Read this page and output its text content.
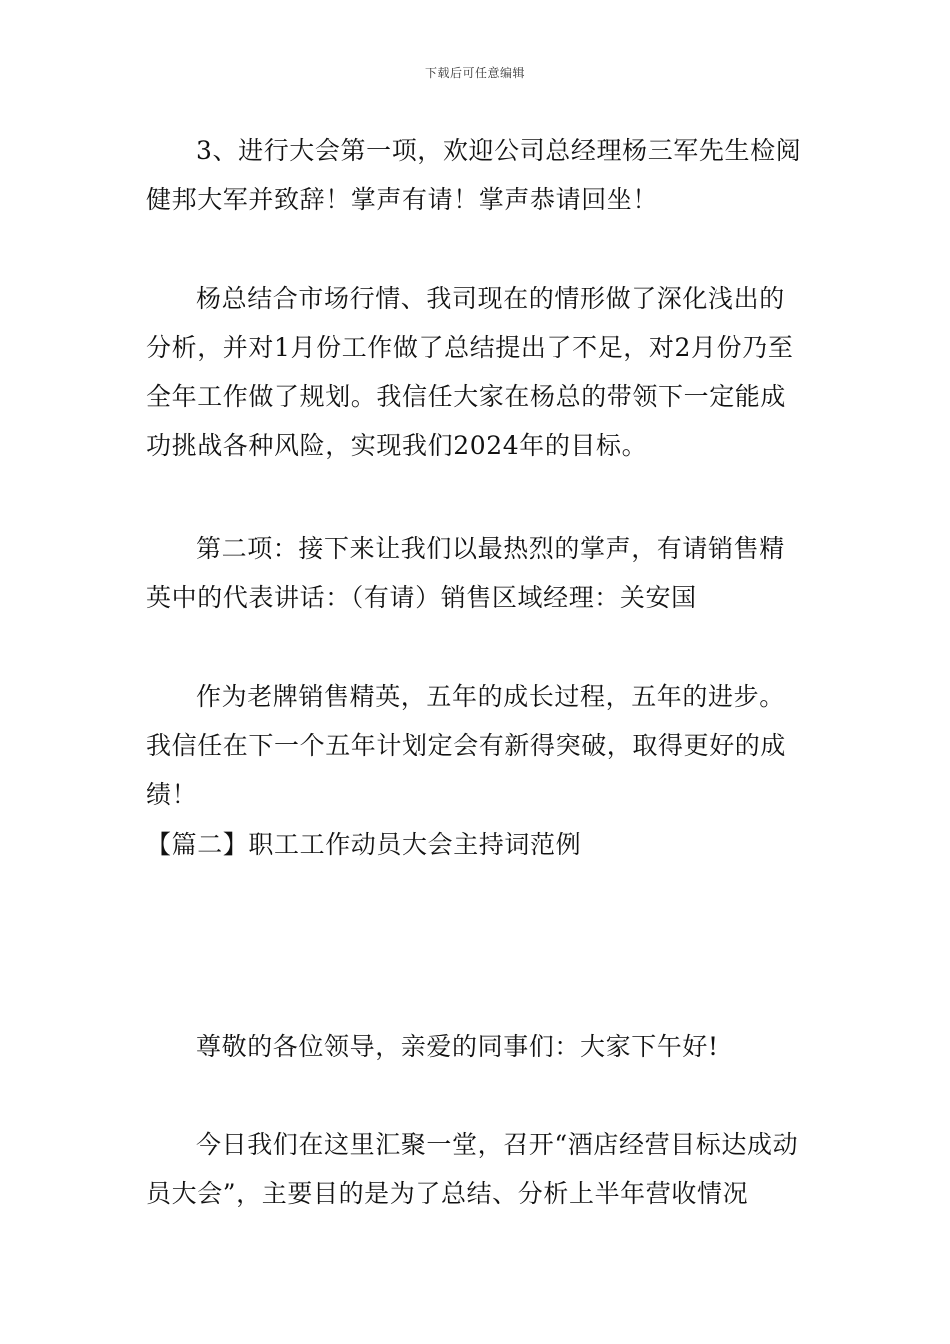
下载后可任意编辑

3、进行大会第一项，欢迎公司总经理杨三军先生检阅健邦大军并致辞！掌声有请！掌声恭请回坐！

杨总结合市场行情、我司现在的情形做了深化浅出的分析，并对1月份工作做了总结提出了不足，对2月份乃至全年工作做了规划。我信任大家在杨总的带领下一定能成功挑战各种风险，实现我们2024年的目标。

第二项：接下来让我们以最热烈的掌声，有请销售精英中的代表讲话：（有请）销售区域经理：关安国

作为老牌销售精英，五年的成长过程，五年的进步。我信任在下一个五年计划定会有新得突破，取得更好的成绩！

【篇二】职工工作动员大会主持词范例

尊敬的各位领导，亲爱的同事们：大家下午好!

今日我们在这里汇聚一堂，召开“酒店经营目标达成动员大会”，主要目的是为了总结、分析上半年营收情况
